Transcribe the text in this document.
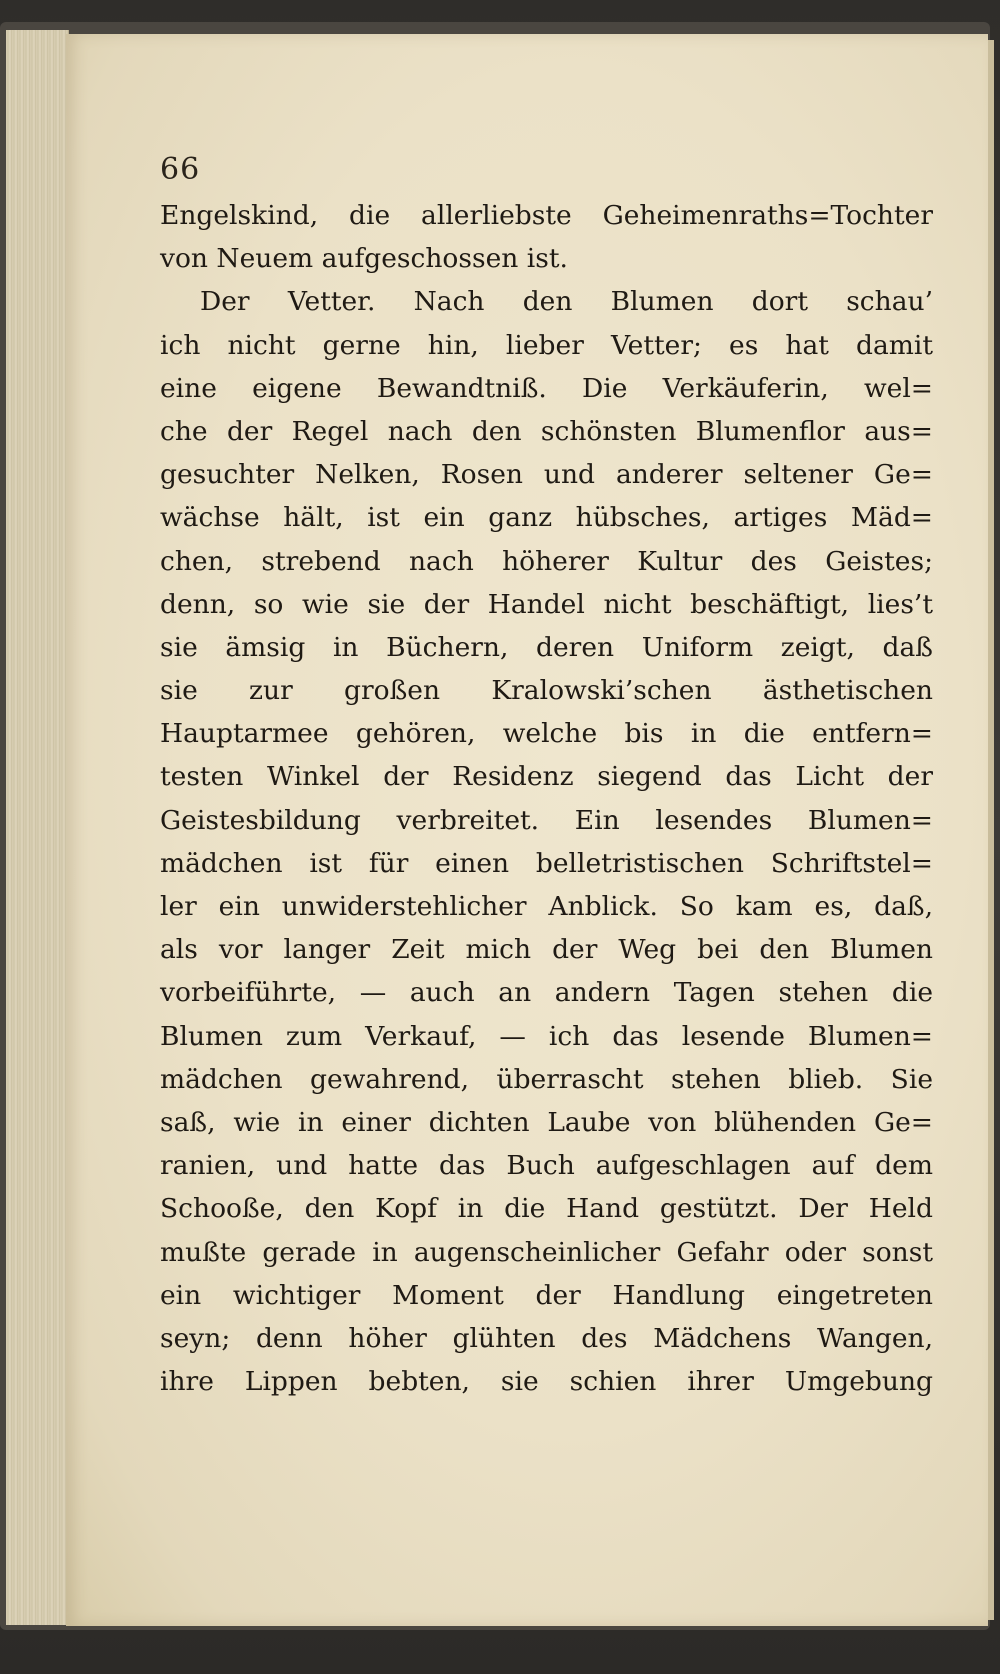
66
Engelskind, die allerliebste Geheimenraths=Tochter
von Neuem aufgeschossen ist.
Der Vetter. Nach den Blumen dort schau’
ich nicht gerne hin, lieber Vetter; es hat damit
eine eigene Bewandtniß. Die Verkäuferin, wel=
che der Regel nach den schönsten Blumenflor aus=
gesuchter Nelken, Rosen und anderer seltener Ge=
wächse hält, ist ein ganz hübsches, artiges Mäd=
chen, strebend nach höherer Kultur des Geistes;
denn, so wie sie der Handel nicht beschäftigt, lies’t
sie ämsig in Büchern, deren Uniform zeigt, daß
sie zur großen Kralowski’schen ästhetischen
Hauptarmee gehören, welche bis in die entfern=
testen Winkel der Residenz siegend das Licht der
Geistesbildung verbreitet. Ein lesendes Blumen=
mädchen ist für einen belletristischen Schriftstel=
ler ein unwiderstehlicher Anblick. So kam es, daß,
als vor langer Zeit mich der Weg bei den Blumen
vorbeiführte, — auch an andern Tagen stehen die
Blumen zum Verkauf, — ich das lesende Blumen=
mädchen gewahrend, überrascht stehen blieb. Sie
saß, wie in einer dichten Laube von blühenden Ge=
ranien, und hatte das Buch aufgeschlagen auf dem
Schooße, den Kopf in die Hand gestützt. Der Held
mußte gerade in augenscheinlicher Gefahr oder sonst
ein wichtiger Moment der Handlung eingetreten
seyn; denn höher glühten des Mädchens Wangen,
ihre Lippen bebten, sie schien ihrer Umgebung
